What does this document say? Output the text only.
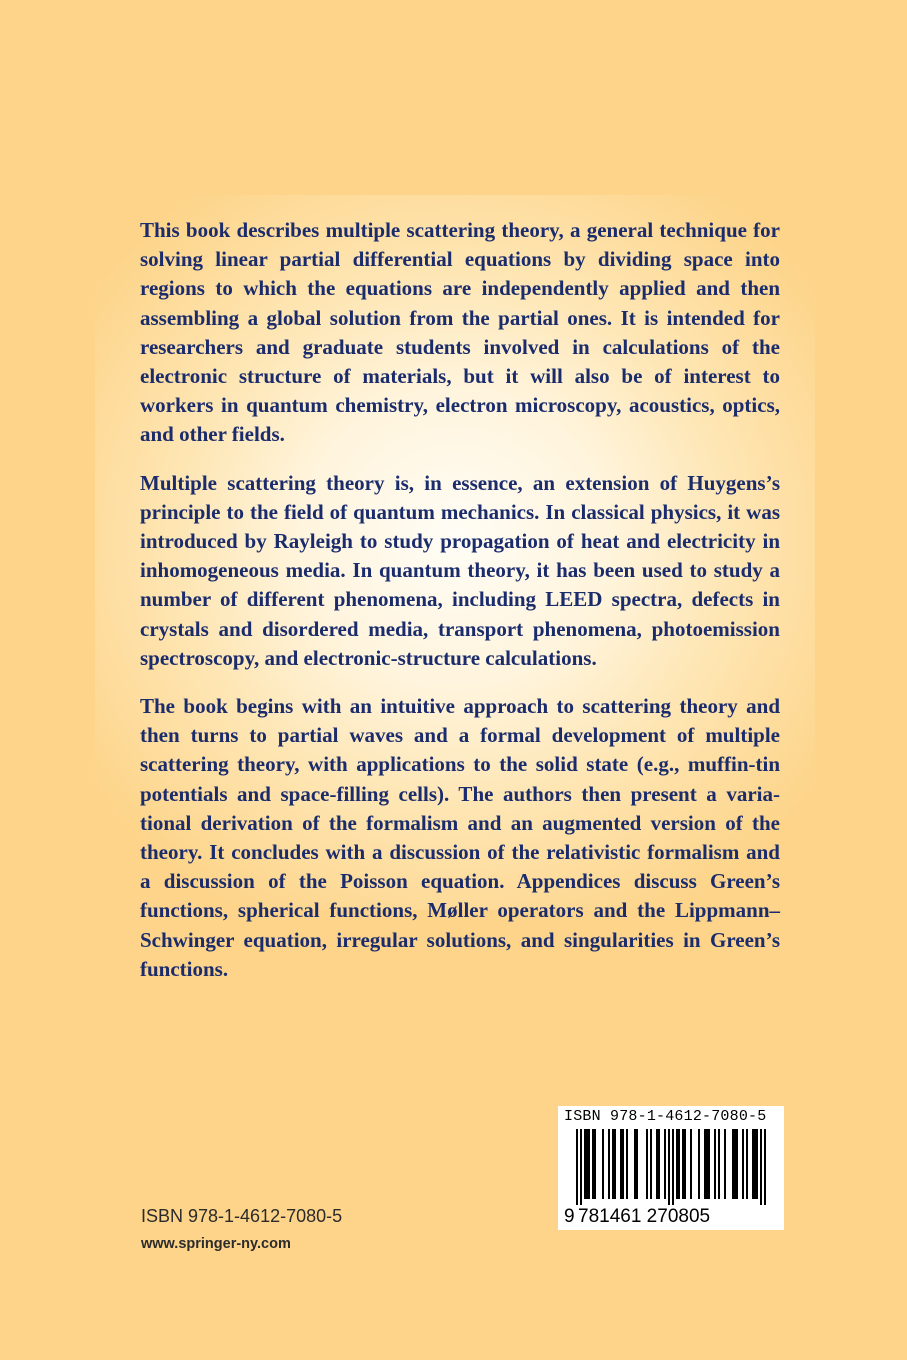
This book describes multiple scattering theory, a general technique for solving linear partial differential equations by dividing space into regions to which the equations are independently applied and then assembling a global solution from the partial ones. It is intended for researchers and graduate students involved in calculations of the electronic structure of materials, but it will also be of interest to workers in quantum chemistry, electron microscopy, acoustics, optics, and other fields.

Multiple scattering theory is, in essence, an extension of Huygens’s principle to the field of quantum mechanics. In classical physics, it was introduced by Rayleigh to study propagation of heat and electricity in inhomogeneous media. In quantum theory, it has been used to study a number of different phenomena, including LEED spectra, defects in crystals and disordered media, transport phenomena, photoemission spectroscopy, and electronic-structure calculations.

The book begins with an intuitive approach to scattering theory and then turns to partial waves and a formal development of multiple scattering theory, with applications to the solid state (e.g., muffin-tin potentials and space-filling cells). The authors then present a variational derivation of the formalism and an augmented version of the theory. It concludes with a discussion of the relativistic formalism and a discussion of the Poisson equation. Appendices discuss Green’s functions, spherical functions, Møller operators and the Lippmann–Schwinger equation, irregular solutions, and singularities in Green’s functions.

ISBN 978-1-4612-7080-5
www.springer-ny.com
ISBN 978-1-4612-7080-5
9 781461 270805
